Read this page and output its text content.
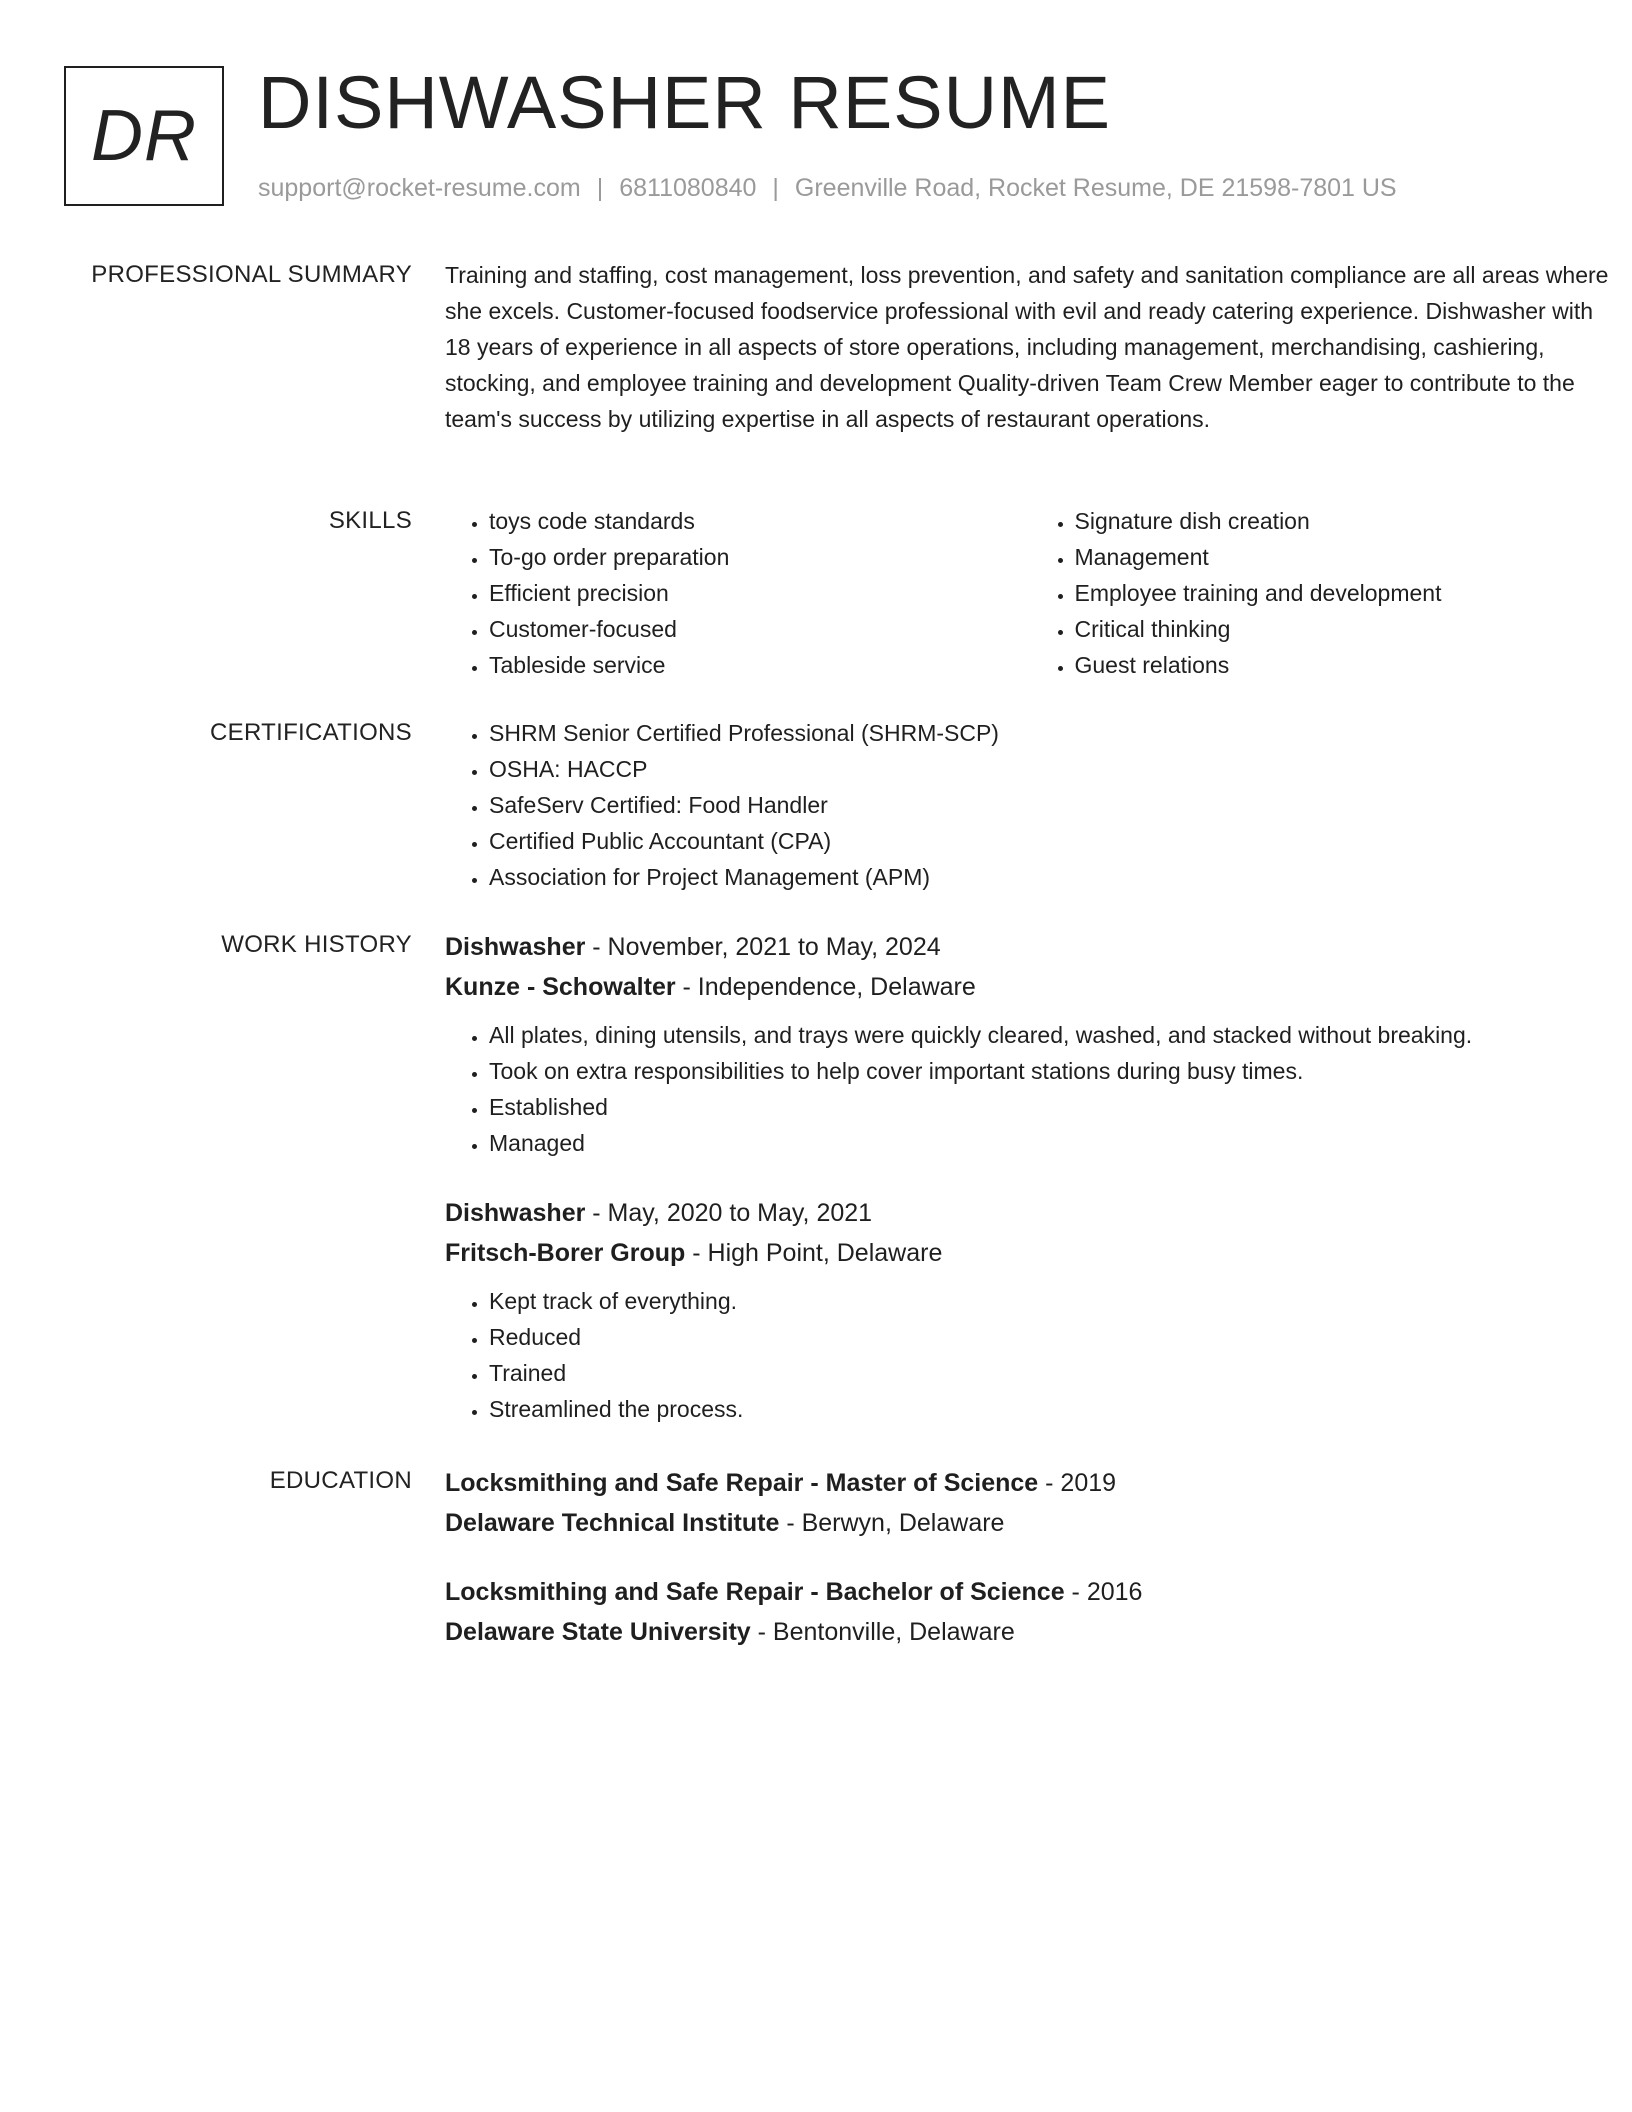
DR DISHWASHER RESUME
support@rocket-resume.com | 6811080840 | Greenville Road, Rocket Resume, DE 21598-7801 US
PROFESSIONAL SUMMARY Training and staffing, cost management, loss prevention, and safety and sanitation compliance are all areas where she excels. Customer-focused foodservice professional with evil and ready catering experience. Dishwasher with 18 years of experience in all aspects of store operations, including management, merchandising, cashiering, stocking, and employee training and development Quality-driven Team Crew Member eager to contribute to the team's success by utilizing expertise in all aspects of restaurant operations.

SKILLS	• toys code standards
• To-go order preparation
• Efficient precision
• Customer-focused
• Tableside service
• Signature dish creation
• Management
• Employee training and development
• Critical thinking
• Guest relations
CERTIFICATIONS	• SHRM Senior Certified Professional (SHRM-SCP)
• OSHA: HACCP
• SafeServ Certified: Food Handler
• Certified Public Accountant (CPA)
• Association for Project Management (APM)
WORK HISTORY Dishwasher - November, 2021 to May, 2024
Kunze - Schowalter - Independence, Delaware
• All plates, dining utensils, and trays were quickly cleared, washed, and stacked without breaking.
• Took on extra responsibilities to help cover important stations during busy times.
• Established
• Managed
Dishwasher - May, 2020 to May, 2021
Fritsch-Borer Group - High Point, Delaware
• Kept track of everything.
• Reduced
• Trained
• Streamlined the process.
EDUCATION Locksmithing and Safe Repair - Master of Science - 2019
Delaware Technical Institute - Berwyn, Delaware
Locksmithing and Safe Repair - Bachelor of Science - 2016
Delaware State University - Bentonville, Delaware
